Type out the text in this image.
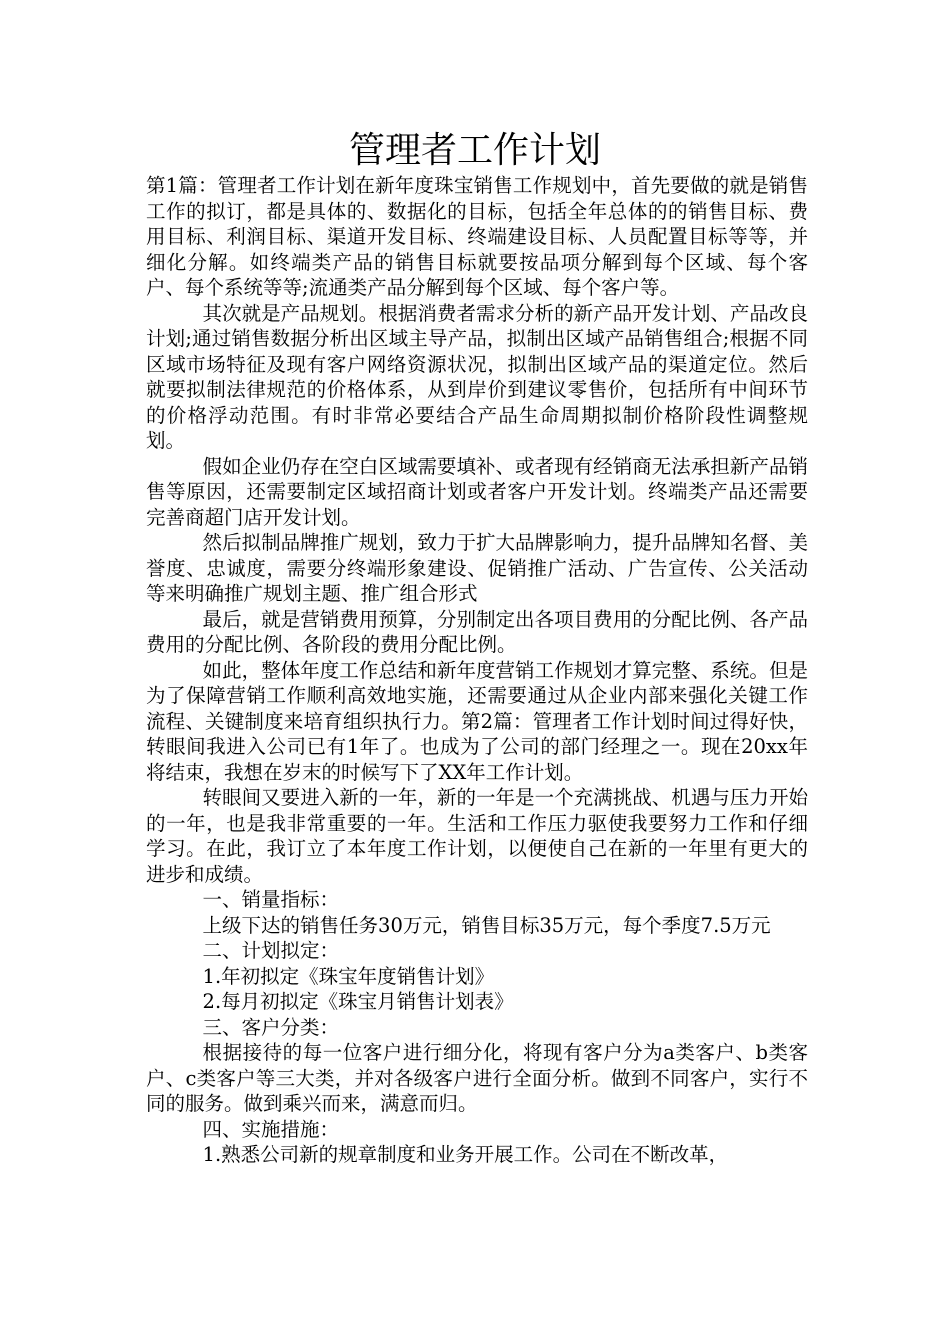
管理者工作计划

第1篇：管理者工作计划在新年度珠宝销售工作规划中，首先要做的就是销售工作的拟订，都是具体的、数据化的目标，包括全年总体的的销售目标、费用目标、利润目标、渠道开发目标、终端建设目标、人员配置目标等等，并细化分解。如终端类产品的销售目标就要按品项分解到每个区域、每个客户、每个系统等等;流通类产品分解到每个区域、每个客户等。

其次就是产品规划。根据消费者需求分析的新产品开发计划、产品改良计划;通过销售数据分析出区域主导产品，拟制出区域产品销售组合;根据不同区域市场特征及现有客户网络资源状况，拟制出区域产品的渠道定位。然后就要拟制法律规范的价格体系，从到岸价到建议零售价，包括所有中间环节的价格浮动范围。有时非常必要结合产品生命周期拟制价格阶段性调整规划。

假如企业仍存在空白区域需要填补、或者现有经销商无法承担新产品销售等原因，还需要制定区域招商计划或者客户开发计划。终端类产品还需要完善商超门店开发计划。

然后拟制品牌推广规划，致力于扩大品牌影响力，提升品牌知名督、美誉度、忠诚度，需要分终端形象建设、促销推广活动、广告宣传、公关活动等来明确推广规划主题、推广组合形式

最后，就是营销费用预算，分别制定出各项目费用的分配比例、各产品费用的分配比例、各阶段的费用分配比例。

如此，整体年度工作总结和新年度营销工作规划才算完整、系统。但是为了保障营销工作顺利高效地实施，还需要通过从企业内部来强化关键工作流程、关键制度来培育组织执行力。第2篇：管理者工作计划时间过得好快，转眼间我进入公司已有1年了。也成为了公司的部门经理之一。现在20xx年将结束，我想在岁末的时候写下了XX年工作计划。

转眼间又要进入新的一年，新的一年是一个充满挑战、机遇与压力开始的一年，也是我非常重要的一年。生活和工作压力驱使我要努力工作和仔细学习。在此，我订立了本年度工作计划，以便使自己在新的一年里有更大的进步和成绩。

一、销量指标：

上级下达的销售任务30万元，销售目标35万元，每个季度7.5万元

二、计划拟定：

1.年初拟定《珠宝年度销售计划》

2.每月初拟定《珠宝月销售计划表》

三、客户分类：

根据接待的每一位客户进行细分化，将现有客户分为a类客户、b类客户、c类客户等三大类，并对各级客户进行全面分析。做到不同客户，实行不同的服务。做到乘兴而来，满意而归。

四、实施措施：

1.熟悉公司新的规章制度和业务开展工作。公司在不断改革，
